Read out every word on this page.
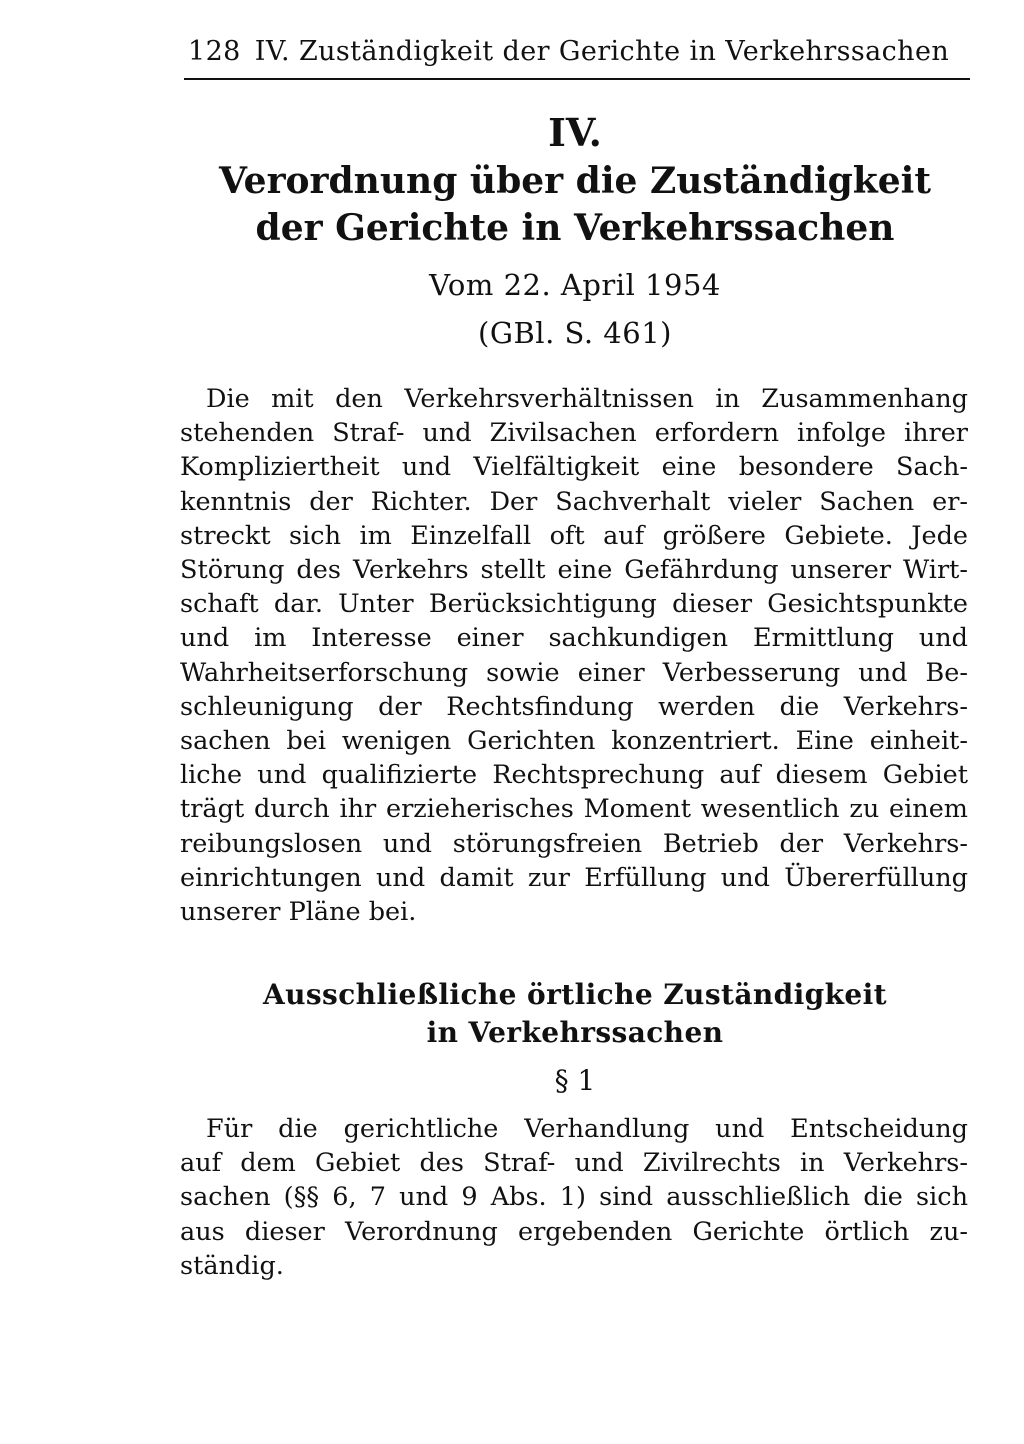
128 IV. Zuständigkeit der Gerichte in Verkehrssachen
IV.
Verordnung über die Zuständigkeit
der Gerichte in Verkehrssachen
Vom 22. April 1954
(GBl. S. 461)
Die mit den Verkehrsverhältnissen in Zusammenhang
stehenden Straf- und Zivilsachen erfordern infolge ihrer
Kompliziertheit und Vielfältigkeit eine besondere Sach-
kenntnis der Richter. Der Sachverhalt vieler Sachen er-
streckt sich im Einzelfall oft auf größere Gebiete. Jede
Störung des Verkehrs stellt eine Gefährdung unserer Wirt-
schaft dar. Unter Berücksichtigung dieser Gesichtspunkte
und im Interesse einer sachkundigen Ermittlung und
Wahrheitserforschung sowie einer Verbesserung und Be-
schleunigung der Rechtsfindung werden die Verkehrs-
sachen bei wenigen Gerichten konzentriert. Eine einheit-
liche und qualifizierte Rechtsprechung auf diesem Gebiet
trägt durch ihr erzieherisches Moment wesentlich zu einem
reibungslosen und störungsfreien Betrieb der Verkehrs-
einrichtungen und damit zur Erfüllung und Übererfüllung
unserer Pläne bei.
Ausschließliche örtliche Zuständigkeit
in Verkehrssachen
§ 1
Für die gerichtliche Verhandlung und Entscheidung
auf dem Gebiet des Straf- und Zivilrechts in Verkehrs-
sachen (§§ 6, 7 und 9 Abs. 1) sind ausschließlich die sich
aus dieser Verordnung ergebenden Gerichte örtlich zu-
ständig.
